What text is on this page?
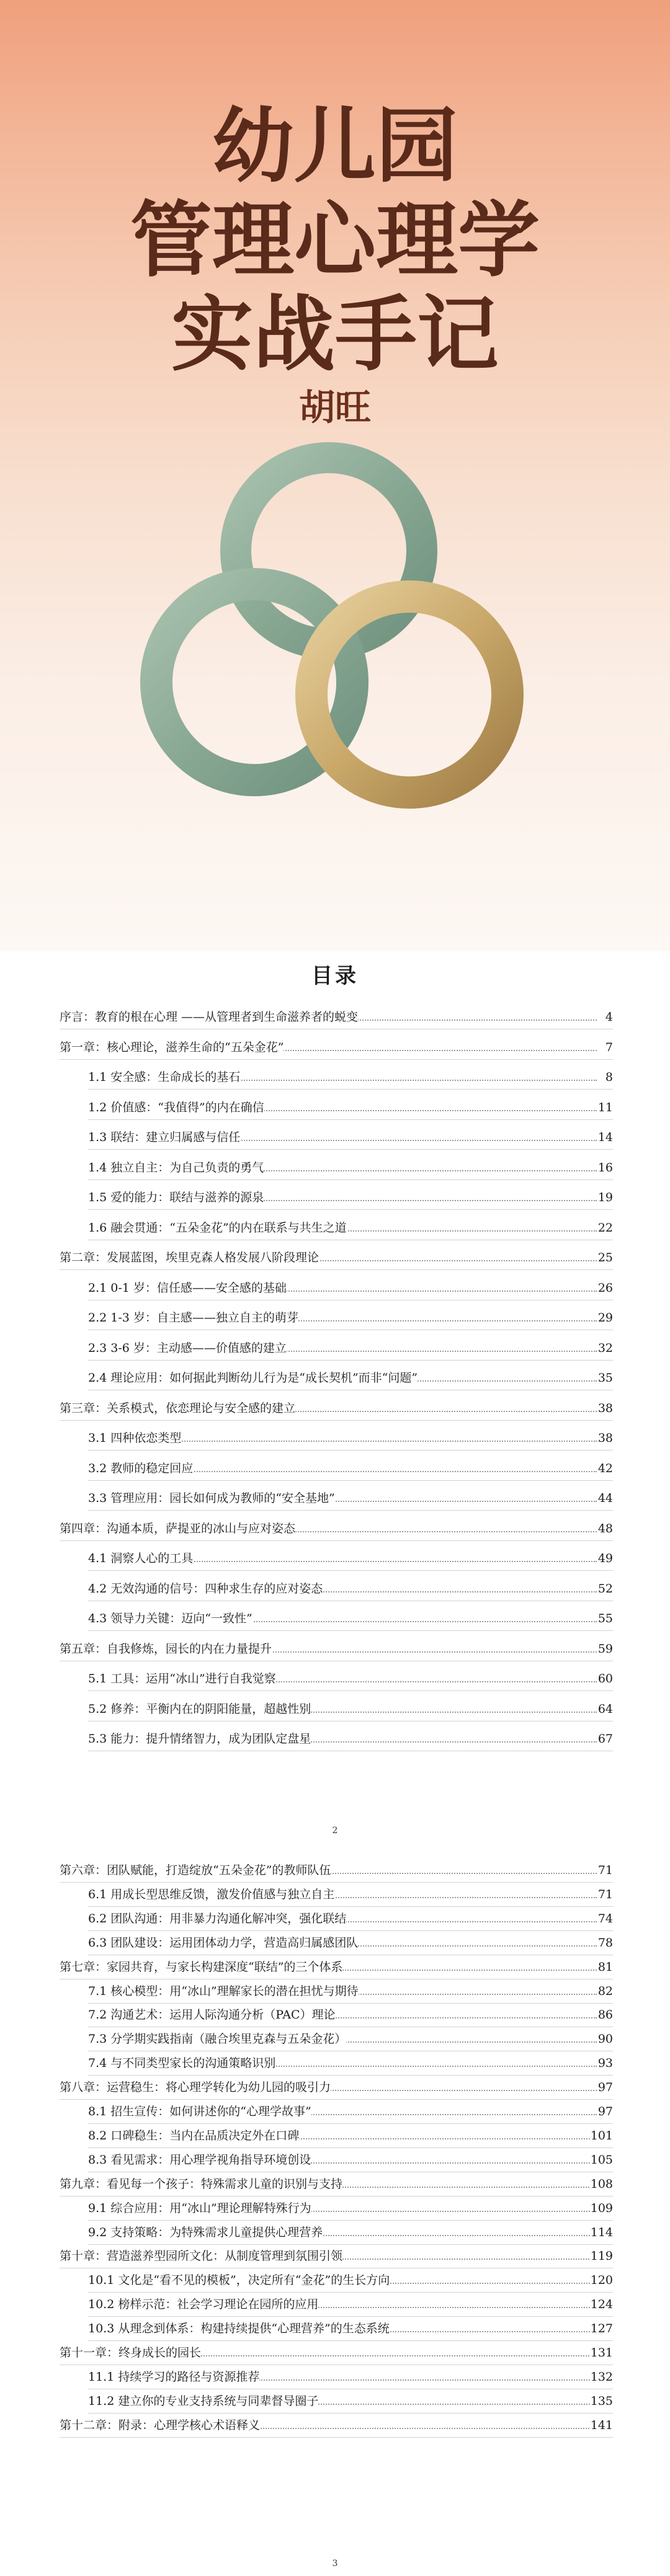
幼儿园
管理心理学
实战手记
胡旺
目录
序言：教育的根在心理 ——从管理者到生命滋养者的蜕变	4
第一章：核心理论，滋养生命的“五朵金花”	7
1.1 安全感：生命成长的基石	8
1.2 价值感：“我值得”的内在确信	11
1.3 联结：建立归属感与信任	14
1.4 独立自主：为自己负责的勇气	16
1.5 爱的能力：联结与滋养的源泉	19
1.6 融会贯通：“五朵金花”的内在联系与共生之道	22
第二章：发展蓝图，埃里克森人格发展八阶段理论	25
2.1 0-1 岁：信任感——安全感的基础	26
2.2 1-3 岁：自主感——独立自主的萌芽	29
2.3 3-6 岁：主动感——价值感的建立	32
2.4 理论应用：如何据此判断幼儿行为是“成长契机”而非“问题”	35
第三章：关系模式，依恋理论与安全感的建立	38
3.1 四种依恋类型	38
3.2 教师的稳定回应	42
3.3 管理应用：园长如何成为教师的“安全基地”	44
第四章：沟通本质，萨提亚的冰山与应对姿态	48
4.1 洞察人心的工具	49
4.2 无效沟通的信号：四种求生存的应对姿态	52
4.3 领导力关键：迈向“一致性”	55
第五章：自我修炼，园长的内在力量提升	59
5.1 工具：运用“冰山”进行自我觉察	60
5.2 修养：平衡内在的阴阳能量，超越性别	64
5.3 能力：提升情绪智力，成为团队定盘星	67
2
第六章：团队赋能，打造绽放“五朵金花”的教师队伍	71
6.1 用成长型思维反馈，激发价值感与独立自主	71
6.2 团队沟通：用非暴力沟通化解冲突，强化联结	74
6.3 团队建设：运用团体动力学，营造高归属感团队	78
第七章：家园共育，与家长构建深度“联结”的三个体系	81
7.1 核心模型：用“冰山”理解家长的潜在担忧与期待	82
7.2 沟通艺术：运用人际沟通分析（PAC）理论	86
7.3 分学期实践指南（融合埃里克森与五朵金花）	90
7.4 与不同类型家长的沟通策略识别	93
第八章：运营稳生：将心理学转化为幼儿园的吸引力	97
8.1 招生宣传：如何讲述你的“心理学故事”	97
8.2 口碑稳生：当内在品质决定外在口碑	101
8.3 看见需求：用心理学视角指导环境创设	105
第九章：看见每一个孩子：特殊需求儿童的识别与支持	108
9.1 综合应用：用“冰山”理论理解特殊行为	109
9.2 支持策略：为特殊需求儿童提供心理营养	114
第十章：营造滋养型园所文化：从制度管理到氛围引领	119
10.1 文化是“看不见的模板”，决定所有“金花”的生长方向	120
10.2 榜样示范：社会学习理论在园所的应用	124
10.3 从理念到体系：构建持续提供“心理营养”的生态系统	127
第十一章：终身成长的园长	131
11.1 持续学习的路径与资源推荐	132
11.2 建立你的专业支持系统与同辈督导圈子	135
第十二章：附录：心理学核心术语释义	141
3
